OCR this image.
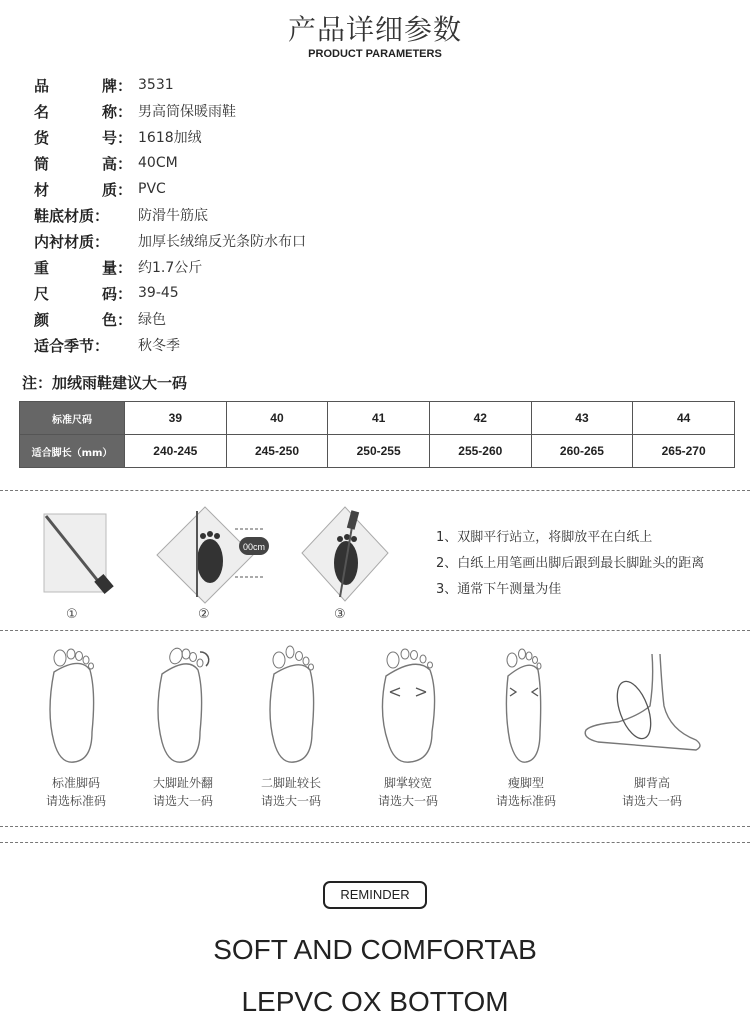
产品详细参数
PRODUCT PARAMETERS
品	牌： 3531
名	称： 男高筒保暖雨鞋
货	号： 1618加绒
筒	高： 40CM
材	质： PVC
鞋底材质： 防滑牛筋底
内衬材质： 加厚长绒绵反光条防水布口
重	量： 约1.7公斤
尺	码： 39-45
颜	色： 绿色
适合季节： 秋冬季
注：加绒雨鞋建议大一码
标准尺码	39	40	41	42	43	44
适合脚长（mm）	240-245	245-250	250-255	255-260	260-265	265-270
00cm
①	②	③
1、双脚平行站立，将脚放平在白纸上
2、白纸上用笔画出脚后跟到最长脚趾头的距离
3、通常下午测量为佳
标准脚码
请选标准码
大脚趾外翻
请选大一码
二脚趾较长
请选大一码
脚掌较宽
请选大一码
瘦脚型
请选标准码
脚背高
请选大一码
REMINDER
SOFT AND COMFORTAB
LEPVC OX BOTTOM
